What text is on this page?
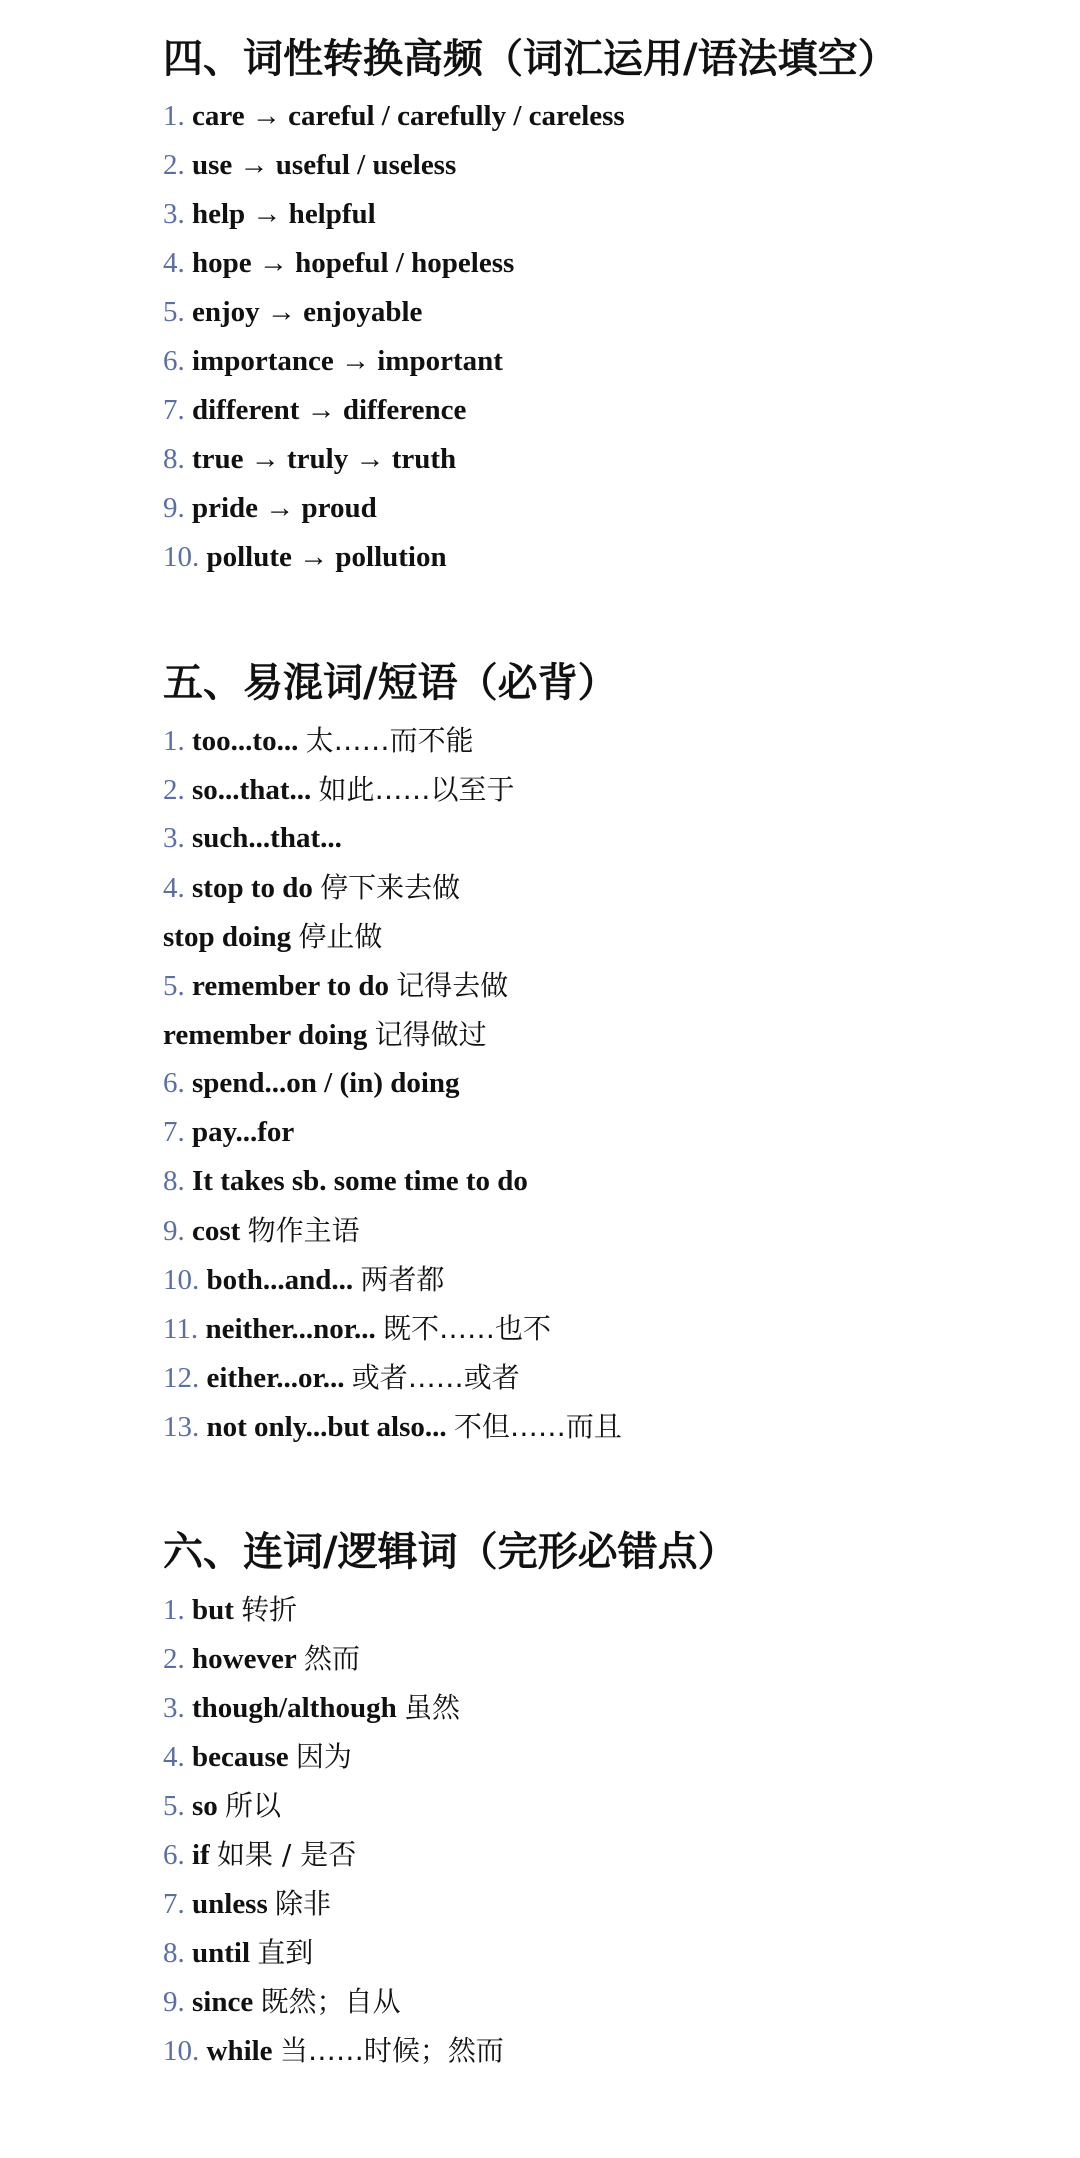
四、词性转换高频（词汇运用/语法填空）
1. care → careful / carefully / careless
2. use → useful / useless
3. help → helpful
4. hope → hopeful / hopeless
5. enjoy → enjoyable
6. importance → important
7. different → difference
8. true → truly → truth
9. pride → proud
10. pollute → pollution
五、易混词/短语（必背）
1. too...to... 太……而不能
2. so...that... 如此……以至于
3. such...that...
4. stop to do 停下来去做
stop doing 停止做
5. remember to do 记得去做
remember doing 记得做过
6. spend...on / (in) doing
7. pay...for
8. It takes sb. some time to do
9. cost 物作主语
10. both...and... 两者都
11. neither...nor... 既不……也不
12. either...or... 或者……或者
13. not only...but also... 不但……而且
六、连词/逻辑词（完形必错点）
1. but 转折
2. however 然而
3. though/although 虽然
4. because 因为
5. so 所以
6. if 如果 / 是否
7. unless 除非
8. until 直到
9. since 既然；自从
10. while 当……时候；然而
